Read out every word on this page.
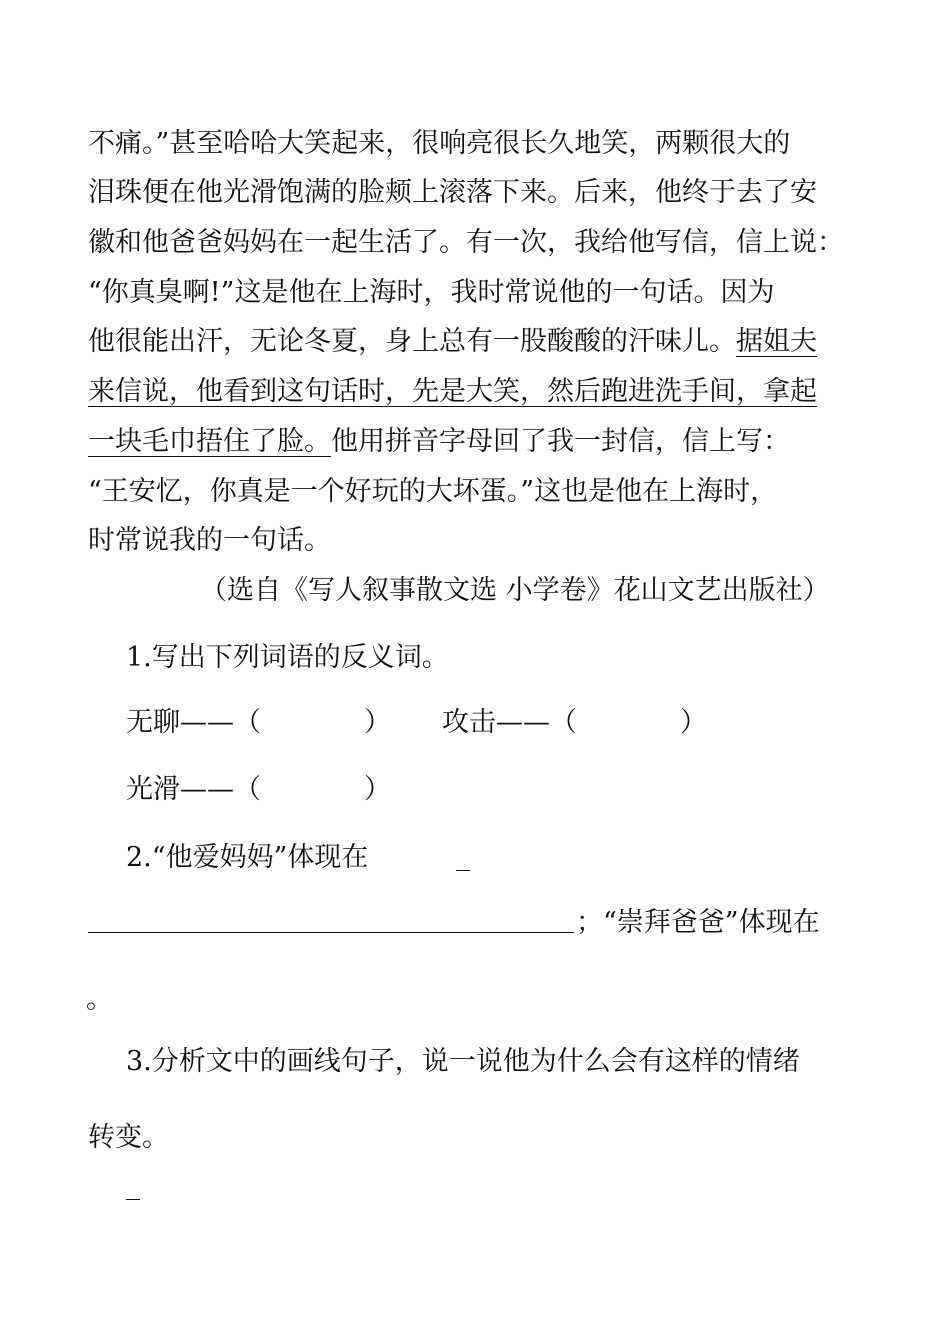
不痛。”甚至哈哈大笑起来，很响亮很长久地笑，两颗很大的
泪珠便在他光滑饱满的脸颊上滚落下来。后来，他终于去了安
徽和他爸爸妈妈在一起生活了。有一次，我给他写信，信上说：
“你真臭啊!”这是他在上海时，我时常说他的一句话。因为
他很能出汗，无论冬夏，身上总有一股酸酸的汗味儿。据姐夫
来信说，他看到这句话时，先是大笑，然后跑进洗手间，拿起
一块毛巾捂住了脸。他用拼音字母回了我一封信，信上写：
“王安忆，你真是一个好玩的大坏蛋。”这也是他在上海时，
时常说我的一句话。
（选自《写人叙事散文选 小学卷》花山文艺出版社）
1.写出下列词语的反义词。
无聊——（            ） 攻击——（            ）
光滑——（            ）
2.“他爱妈妈”体现在
；“崇拜爸爸”体现在
。
3.分析文中的画线句子，说一说他为什么会有这样的情绪
转变。
